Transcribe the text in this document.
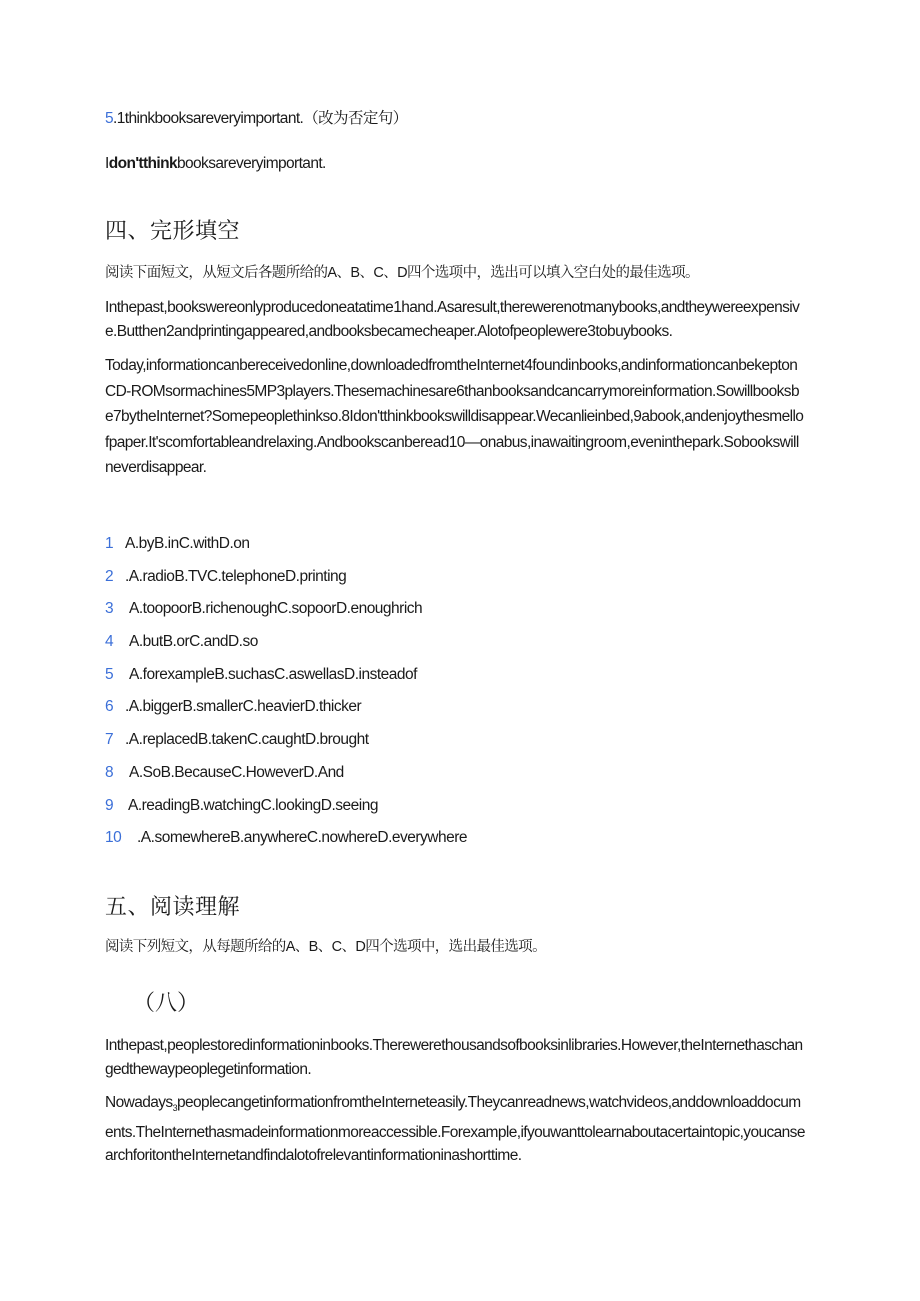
5.1thinkbooksareveryimportant.（改为否定句）

Idon'tthinkbooksareveryimportant.

四、完形填空

阅读下面短文，从短文后各题所给的A、B、C、D四个选项中，选出可以填入空白处的最佳选项。

Inthepast,bookswereonlyproducedoneatatime1hand.Asaresult,therewerenotmanybooks,andtheywereexpensive.Butthen2andprintingappeared,andbooksbecamecheaper.Alotofpeoplewere3tobuybooks.

Today,informationcanbereceivedonline,downloadedfromtheInternet4foundinbooks,andinformationcanbekeptonCD-ROMsormachines5MP3players.Thesemachinesare6thanbooksandcancarrymoreinformation.Sowillbooksbe7bytheInternet?Somepeoplethinkso.8Idon'tthinkbookswilldisappear.Wecanlieinbed,9abook,andenjoythesmellofpaper.It'scomfortableandrelaxing.Andbookscanberead10—onabus,inawaitingroom,eveninthepark.Sobookswillneverdisappear.

1 A.byB.inC.withD.on
2 .A.radioB.TVC.telephoneD.printing
3 A.toopoorB.richenoughC.sopoorD.enoughrich
4 A.butB.orC.andD.so
5 A.forexampleB.suchasC.aswellasD.insteadof
6 .A.biggerB.smallerC.heavierD.thicker
7 .A.replacedB.takenC.caughtD.brought
8 A.SoB.BecauseC.HoweverD.And
9 A.readingB.watchingC.lookingD.seeing
10 .A.somewhereB.anywhereC.nowhereD.everywhere
五、阅读理解

阅读下列短文，从每题所给的A、B、C、D四个选项中，选出最佳选项。

（八）

Inthepast,peoplestoredinformationinbooks.Therewerethousandsofbooksinlibraries.However,theInternethaschangedthewaypeoplegetinformation.

Nowadays$_3$peoplecangetinformationfromtheInterneteasily.Theycanreadnews,watchvideos,anddownloaddocuments.TheInternethasmadeinformationmoreaccessible.Forexample,ifyouwanttolearnaboutacertaintopic,youcansearchforitontheInternetandfindalotofrelevantinformationinashorttime.
